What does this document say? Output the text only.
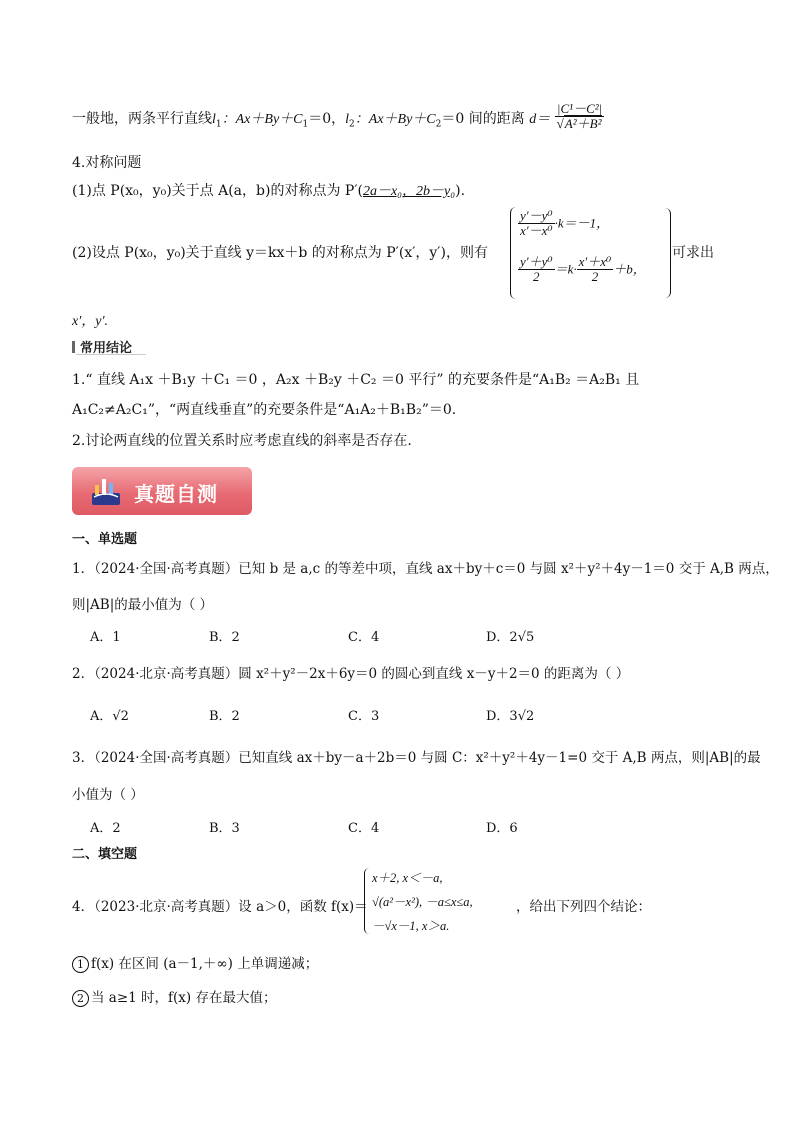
一般地，两条平行直线$l_1$：$Ax+By+C_1=0$，$l_2$：$Ax+By+C_2=0$ 间的距离 $d= \frac{\text{|C¹－C²|}}{\text{√A²＋B²}}$
4.对称问题
(1)点 P(x₀，y₀)关于点 A(a，b)的对称点为 P′(2a－x₀，2b－y₀).
(2)设点 P(x₀，y₀)关于直线 y＝kx＋b 的对称点为 P′(x′，y′)，则有
$\frac{\text{y′－y⁰}}{\text{x′－x⁰}} \cdot k=-1$，
$\frac{\text{y′＋y⁰}}{2} =k\cdot \frac{\text{x′＋x⁰}}{2} +b$，
可求出
x′，y′.
常用结论
1.“ 直线 A₁x ＋B₁y ＋C₁ ＝0 ，A₂x ＋B₂y ＋C₂ ＝0 平行” 的充要条件是“A₁B₂ ＝A₂B₁ 且
A₁C₂≠A₂C₁”，“两直线垂直”的充要条件是“A₁A₂＋B₁B₂”＝0.
2.讨论两直线的位置关系时应考虑直线的斜率是否存在.
真题自测
一、单选题
1．（2024·全国·高考真题）已知 b 是 a,c 的等差中项，直线 ax＋by＋c＝0 与圆 x²＋y²＋4y－1＝0 交于 A,B 两点，
则|AB|的最小值为（ ）
A．1	B．2	C．4	D．2√5
2．（2024·北京·高考真题）圆 x²＋y²－2x＋6y＝0 的圆心到直线 x－y＋2＝0 的距离为（ ）
A．√2	B．2	C．3	D．3√2
3．（2024·全国·高考真题）已知直线 ax＋by－a＋2b＝0 与圆 C：x²＋y²＋4y－1=0 交于 A,B 两点，则|AB|的最
小值为（ ）
A．2	B．3	C．4	D．6
二、填空题
4．（2023·北京·高考真题）设 a＞0，函数 f(x)＝
x＋2, x＜－a,
√(a²－x²), －a≤x≤a,
－√x－1, x＞a.
，给出下列四个结论：
1 f(x) 在区间 (a－1,＋∞) 上单调递减；
2 当 a≥1 时，f(x) 存在最大值；
